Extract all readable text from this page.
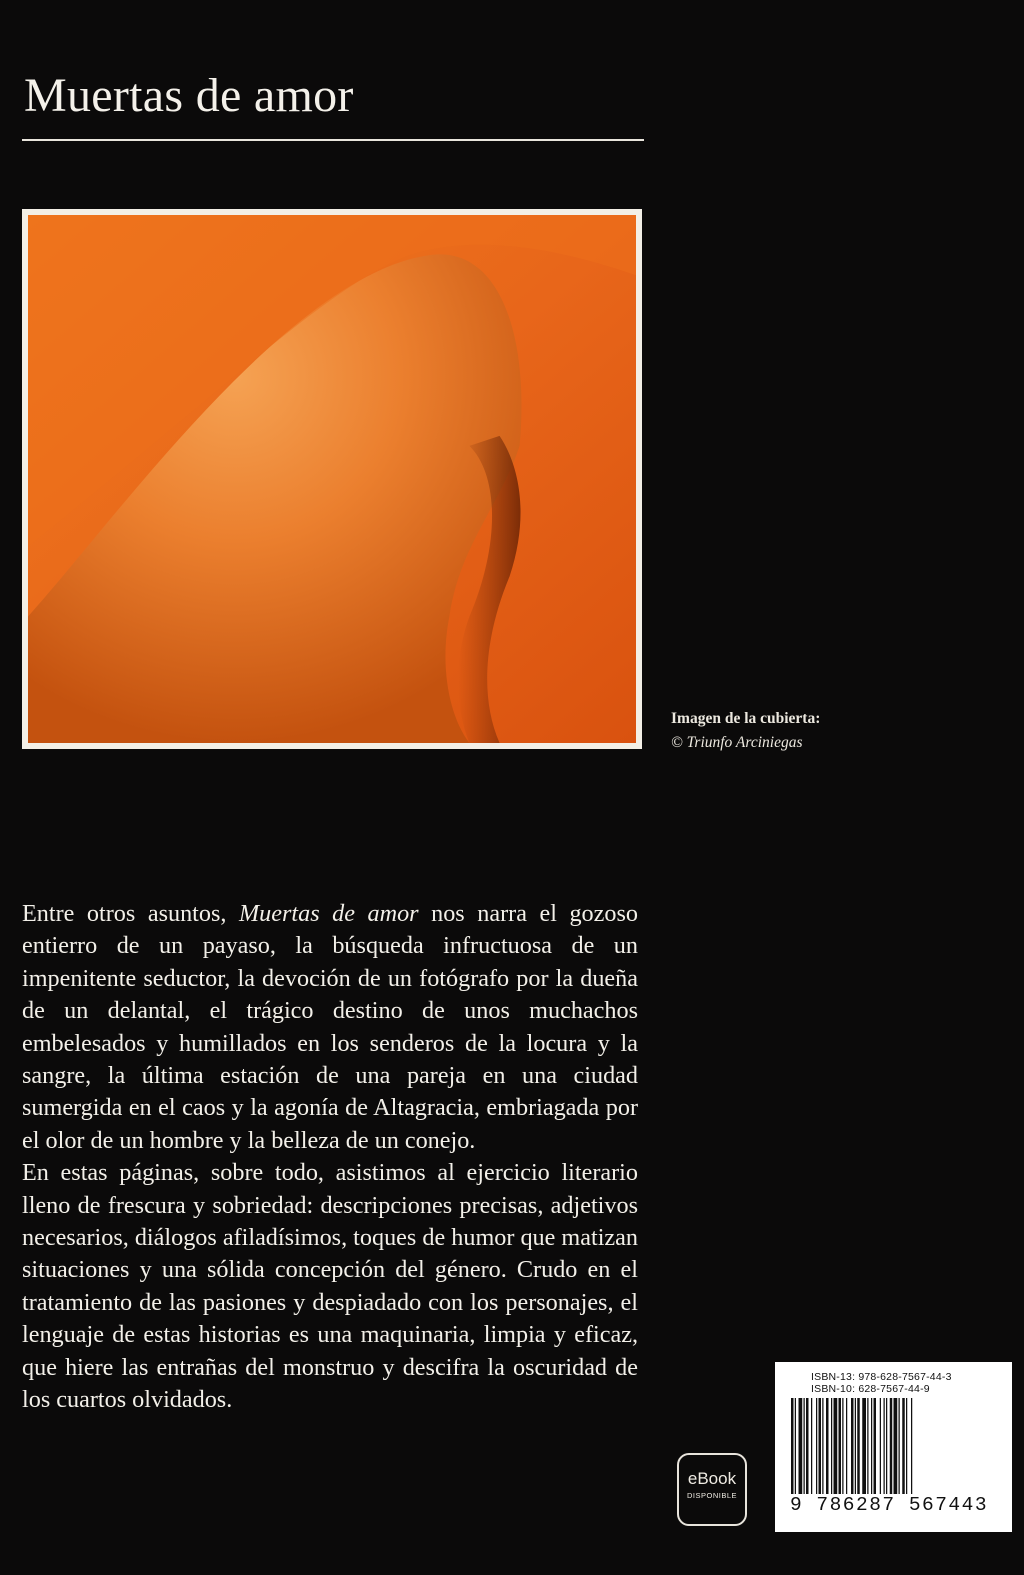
Muertas de amor
Imagen de la cubierta:
© Triunfo Arciniegas

Entre otros asuntos, Muertas de amor nos narra el gozoso entierro de un payaso, la búsqueda infructuosa de un impenitente seductor, la devoción de un fotógrafo por la dueña de un delantal, el trágico destino de unos muchachos embelesados y humillados en los senderos de la locura y la sangre, la última estación de una pareja en una ciudad sumergida en el caos y la agonía de Altagracia, embriagada por el olor de un hombre y la belleza de un conejo.

En estas páginas, sobre todo, asistimos al ejercicio literario lleno de frescura y sobriedad: descripciones precisas, adjetivos necesarios, diálogos afiladísimos, toques de humor que matizan situaciones y una sólida concepción del género. Crudo en el tratamiento de las pasiones y despiadado con los personajes, el lenguaje de estas historias es una maquinaria, limpia y eficaz, que hiere las entrañas del monstruo y descifra la oscuridad de los cuartos olvidados.

eBook
DISPONIBLE
ISBN-13: 978-628-7567-44-3
ISBN-10: 628-7567-44-9
9 786287 567443
